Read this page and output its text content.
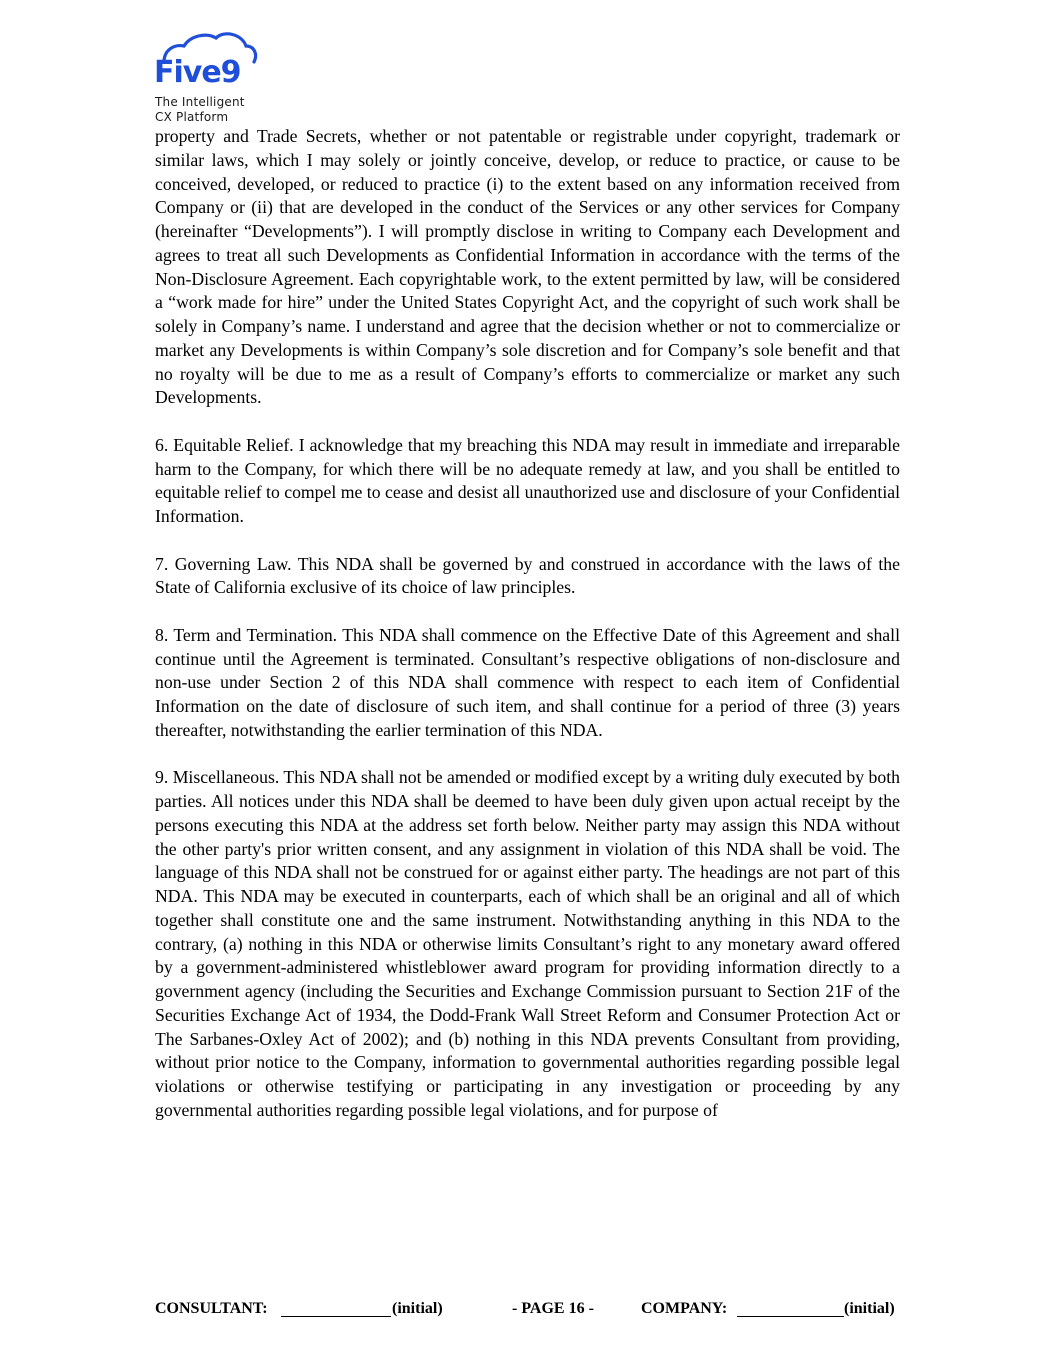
Five9
The Intelligent
CX Platform

property and Trade Secrets, whether or not patentable or registrable under copyright, trademark or similar laws, which I may solely or jointly conceive, develop, or reduce to practice, or cause to be conceived, developed, or reduced to practice (i) to the extent based on any information received from Company or (ii) that are developed in the conduct of the Services or any other services for Company (hereinafter “Developments”). I will promptly disclose in writing to Company each Development and agrees to treat all such Developments as Confidential Information in accordance with the terms of the Non-Disclosure Agreement. Each copyrightable work, to the extent permitted by law, will be considered a “work made for hire” under the United States Copyright Act, and the copyright of such work shall be solely in Company’s name. I understand and agree that the decision whether or not to commercialize or market any Developments is within Company’s sole discretion and for Company’s sole benefit and that no royalty will be due to me as a result of Company’s efforts to commercialize or market any such Developments.

6. Equitable Relief. I acknowledge that my breaching this NDA may result in immediate and irreparable harm to the Company, for which there will be no adequate remedy at law, and you shall be entitled to equitable relief to compel me to cease and desist all unauthorized use and disclosure of your Confidential Information.

7. Governing Law. This NDA shall be governed by and construed in accordance with the laws of the State of California exclusive of its choice of law principles.

8. Term and Termination. This NDA shall commence on the Effective Date of this Agreement and shall continue until the Agreement is terminated. Consultant’s respective obligations of non-disclosure and non-use under Section 2 of this NDA shall commence with respect to each item of Confidential Information on the date of disclosure of such item, and shall continue for a period of three (3) years thereafter, notwithstanding the earlier termination of this NDA.

9. Miscellaneous. This NDA shall not be amended or modified except by a writing duly executed by both parties. All notices under this NDA shall be deemed to have been duly given upon actual receipt by the persons executing this NDA at the address set forth below. Neither party may assign this NDA without the other party's prior written consent, and any assignment in violation of this NDA shall be void. The language of this NDA shall not be construed for or against either party. The headings are not part of this NDA. This NDA may be executed in counterparts, each of which shall be an original and all of which together shall constitute one and the same instrument. Notwithstanding anything in this NDA to the contrary, (a) nothing in this NDA or otherwise limits Consultant’s right to any monetary award offered by a government-administered whistleblower award program for providing information directly to a government agency (including the Securities and Exchange Commission pursuant to Section 21F of the Securities Exchange Act of 1934, the Dodd-Frank Wall Street Reform and Consumer Protection Act or The Sarbanes-Oxley Act of 2002); and (b) nothing in this NDA prevents Consultant from providing, without prior notice to the Company, information to governmental authorities regarding possible legal violations or otherwise testifying or participating in any investigation or proceeding by any governmental authorities regarding possible legal violations, and for purpose of

CONSULTANT:	(initial)	- PAGE 16 -	COMPANY:	(initial)
